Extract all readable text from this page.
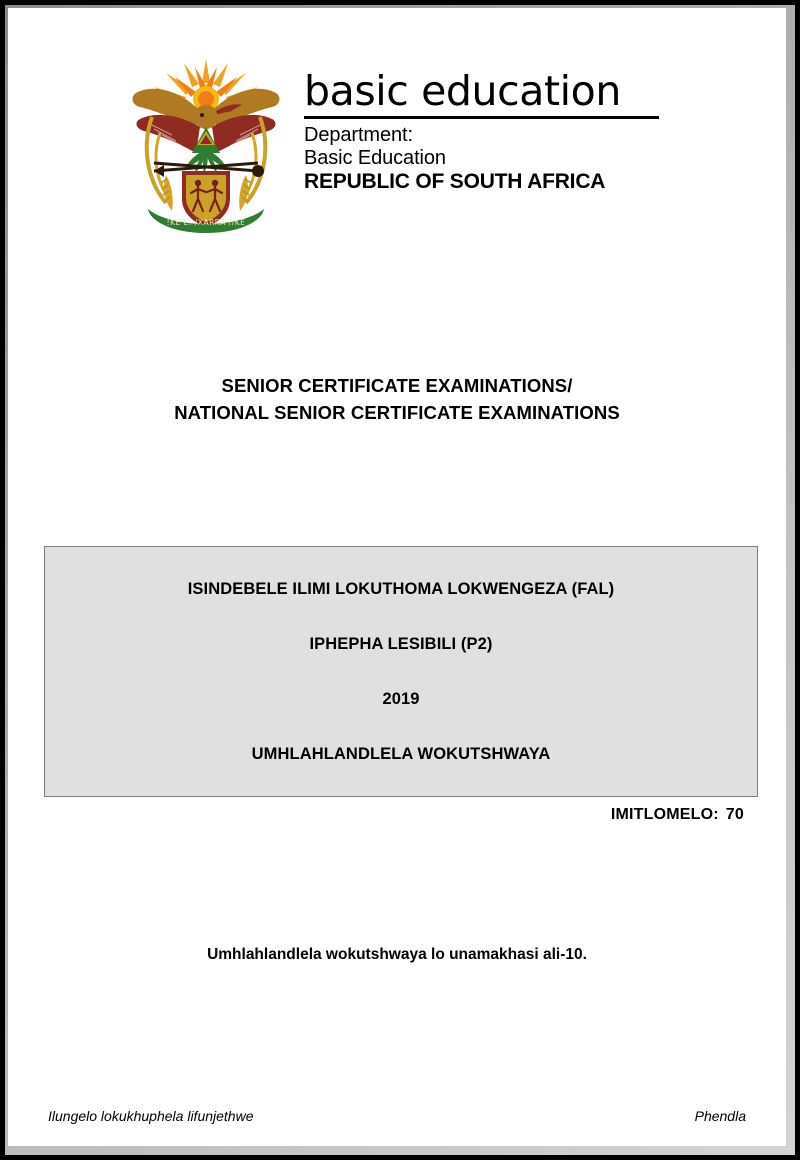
!KE E: /XARRA //KE
basic education
Department:
Basic Education
REPUBLIC OF SOUTH AFRICA
SENIOR CERTIFICATE EXAMINATIONS/
NATIONAL SENIOR CERTIFICATE EXAMINATIONS

ISINDEBELE ILIMI LOKUTHOMA LOKWENGEZA (FAL)

IPHEPHA LESIBILI (P2)

2019

UMHLAHLANDLELA WOKUTSHWAYA

IMITLOMELO: 70
Umhlahlandlela wokutshwaya lo unamakhasi ali-10.
Ilungelo lokukhuphela lifunjethwe	Phendla
